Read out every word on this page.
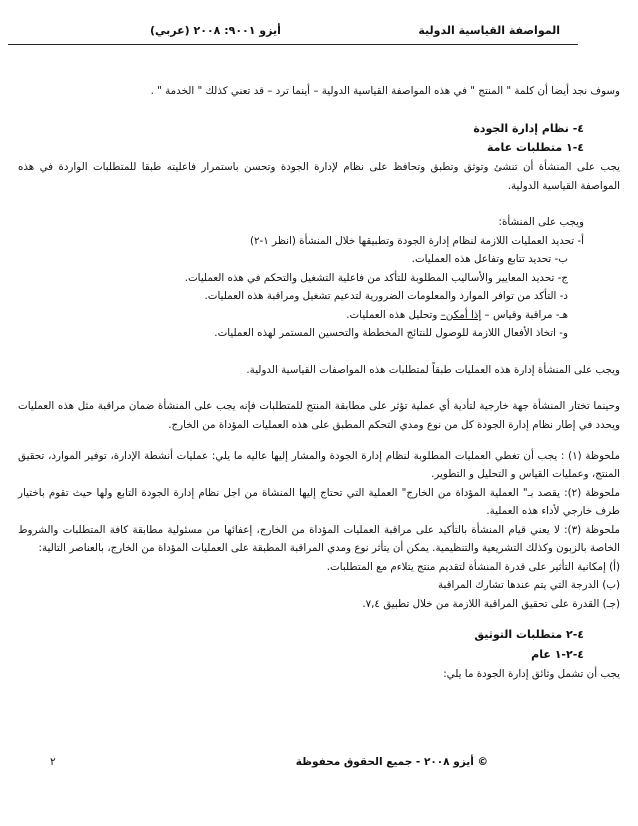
المواصفة القياسية الدولية
أيزو ٩٠٠١: ٢٠٠٨ (عربي)

وسوف نجد أيضا أن كلمة " المنتج " في هذه المواصفة القياسية الدولية – أينما ترد – قد تعني كذلك " الخدمة " .

٤- نظام إدارة الجودة

٤-١ متطلبات عامة

يجب على المنشأة أن تنشئ وتوثق وتطبق وتحافظ على نظام لإدارة الجودة وتحسن باستمرار فاعليته طبقا للمتطلبات الواردة في هذه المواصفة القياسية الدولية.

ويجب على المنشأة:

أ- تحديد العمليات اللازمة لنظام إدارة الجودة وتطبيقها خلال المنشأة (انظر ١-٢)

ب- تحديد تتابع وتفاعل هذه العمليات.

ج- تحديد المعايير والأساليب المطلوبة للتأكد من فاعلية التشغيل والتحكم في هذه العمليات.

د- التأكد من توافر الموارد والمعلومات الضرورية لتدعيم تشغيل ومراقبة هذه العمليات.

هـ- مراقبة وقياس – إذا أمكن– وتحليل هذه العمليات.

و- اتخاذ الأفعال اللازمة للوصول للنتائج المخططة والتحسين المستمر لهذه العمليات.

ويجب على المنشأة إدارة هذه العمليات طبقاً لمتطلبات هذه المواصفات القياسية الدولية.

وحينما تختار المنشأة جهة خارجية لتأدية أي عملية تؤثر على مطابقة المنتج للمتطلبات فإنه يجب على المنشأة ضمان مراقبة مثل هذه العمليات ويحدد في إطار نظام إدارة الجودة كل من نوع ومدي التحكم المطبق على هذه العمليات المؤداة من الخارج.

ملحوظة (١) : يجب أن تغطي العمليات المطلوبة لنظام إدارة الجودة والمشار إليها عاليه ما يلي: عمليات أنشطة الإدارة، توفير الموارد، تحقيق المنتج، وعمليات القياس و التحليل و التطوير.

ملحوظة (٢): يقصد بـ" العملية المؤداة من الخارج" العملية التي تحتاج إليها المنشاة من اجل نظام إدارة الجودة التابع ولها حيث تقوم باختيار طرف خارجي لأداء هذه العملية.

ملحوظة (٣): لا يعني قيام المنشأة بالتأكيد على مراقبة العمليات المؤداة من الخارج، إعفائها من مسئولية مطابقة كافة المتطلبات والشروط الخاصة بالزبون وكذلك التشريعية والتنظيمية. يمكن أن يتأثر نوع ومدي المراقبة المطبقة على العمليات المؤداة من الخارج، بالعناصر التالية:

(أ) إمكانية التأثير على قدرة المنشأة لتقديم منتج يتلاءم مع المتطلبات.

(ب) الدرجة التي يتم عندها تشارك المراقبة

(جـ) القدرة على تحقيق المراقبة اللازمة من خلال تطبيق ٧,٤.

٤-٢ متطلبات التوثيق

٤-٢-١ عام

يجب أن تشمل وثائق إدارة الجودة ما يلي:

© أيزو ٢٠٠٨ - جميع الحقوق محفوظة
٢
